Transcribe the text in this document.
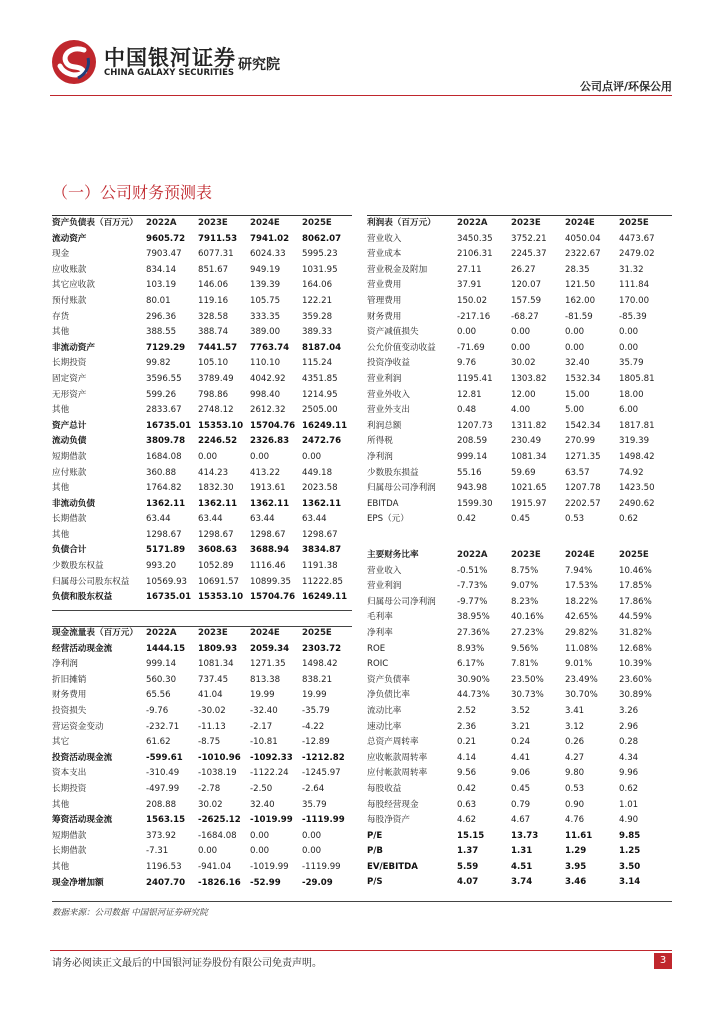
中国银河证券
CHINA GALAXY SECURITIES 研究院
公司点评/环保公用
（一）公司财务预测表
资产负债表（百万元）	2022A	2023E	2024E	2025E
流动资产	9605.72	7911.53	7941.02	8062.07
现金	7903.47	6077.31	6024.33	5995.23
应收账款	834.14	851.67	949.19	1031.95
其它应收款	103.19	146.06	139.39	164.06
预付账款	80.01	119.16	105.75	122.21
存货	296.36	328.58	333.35	359.28
其他	388.55	388.74	389.00	389.33
非流动资产	7129.29	7441.57	7763.74	8187.04
长期投资	99.82	105.10	110.10	115.24
固定资产	3596.55	3789.49	4042.92	4351.85
无形资产	599.26	798.86	998.40	1214.95
其他	2833.67	2748.12	2612.32	2505.00
资产总计	16735.01	15353.10	15704.76	16249.11
流动负债	3809.78	2246.52	2326.83	2472.76
短期借款	1684.08	0.00	0.00	0.00
应付账款	360.88	414.23	413.22	449.18
其他	1764.82	1832.30	1913.61	2023.58
非流动负债	1362.11	1362.11	1362.11	1362.11
长期借款	63.44	63.44	63.44	63.44
其他	1298.67	1298.67	1298.67	1298.67
负债合计	5171.89	3608.63	3688.94	3834.87
少数股东权益	993.20	1052.89	1116.46	1191.38
归属母公司股东权益	10569.93	10691.57	10899.35	11222.85
负债和股东权益	16735.01	15353.10	15704.76	16249.11
利润表（百万元）	2022A	2023E	2024E	2025E
营业收入	3450.35	3752.21	4050.04	4473.67
营业成本	2106.31	2245.37	2322.67	2479.02
营业税金及附加	27.11	26.27	28.35	31.32
营业费用	37.91	120.07	121.50	111.84
管理费用	150.02	157.59	162.00	170.00
财务费用	-217.16	-68.27	-81.59	-85.39
资产减值损失	0.00	0.00	0.00	0.00
公允价值变动收益	-71.69	0.00	0.00	0.00
投资净收益	9.76	30.02	32.40	35.79
营业利润	1195.41	1303.82	1532.34	1805.81
营业外收入	12.81	12.00	15.00	18.00
营业外支出	0.48	4.00	5.00	6.00
利润总额	1207.73	1311.82	1542.34	1817.81
所得税	208.59	230.49	270.99	319.39
净利润	999.14	1081.34	1271.35	1498.42
少数股东损益	55.16	59.69	63.57	74.92
归属母公司净利润	943.98	1021.65	1207.78	1423.50
EBITDA	1599.30	1915.97	2202.57	2490.62
EPS（元）	0.42	0.45	0.53	0.62
主要财务比率	2022A	2023E	2024E	2025E
营业收入	-0.51%	8.75%	7.94%	10.46%
营业利润	-7.73%	9.07%	17.53%	17.85%
归属母公司净利润	-9.77%	8.23%	18.22%	17.86%
毛利率	38.95%	40.16%	42.65%	44.59%
净利率	27.36%	27.23%	29.82%	31.82%
ROE	8.93%	9.56%	11.08%	12.68%
ROIC	6.17%	7.81%	9.01%	10.39%
资产负债率	30.90%	23.50%	23.49%	23.60%
净负债比率	44.73%	30.73%	30.70%	30.89%
流动比率	2.52	3.52	3.41	3.26
速动比率	2.36	3.21	3.12	2.96
总资产周转率	0.21	0.24	0.26	0.28
应收帐款周转率	4.14	4.41	4.27	4.34
应付帐款周转率	9.56	9.06	9.80	9.96
每股收益	0.42	0.45	0.53	0.62
每股经营现金	0.63	0.79	0.90	1.01
每股净资产	4.62	4.67	4.76	4.90
P/E	15.15	13.73	11.61	9.85
P/B	1.37	1.31	1.29	1.25
EV/EBITDA	5.59	4.51	3.95	3.50
P/S	4.07	3.74	3.46	3.14
现金流量表（百万元）	2022A	2023E	2024E	2025E
经营活动现金流	1444.15	1809.93	2059.34	2303.72
净利润	999.14	1081.34	1271.35	1498.42
折旧摊销	560.30	737.45	813.38	838.21
财务费用	65.56	41.04	19.99	19.99
投资损失	-9.76	-30.02	-32.40	-35.79
营运资金变动	-232.71	-11.13	-2.17	-4.22
其它	61.62	-8.75	-10.81	-12.89
投资活动现金流	-599.61	-1010.96	-1092.33	-1212.82
资本支出	-310.49	-1038.19	-1122.24	-1245.97
长期投资	-497.99	-2.78	-2.50	-2.64
其他	208.88	30.02	32.40	35.79
筹资活动现金流	1563.15	-2625.12	-1019.99	-1119.99
短期借款	373.92	-1684.08	0.00	0.00
长期借款	-7.31	0.00	0.00	0.00
其他	1196.53	-941.04	-1019.99	-1119.99
现金净增加额	2407.70	-1826.16	-52.99	-29.09
数据来源：公司数据 中国银河证券研究院
请务必阅读正文最后的中国银河证券股份有限公司免责声明。	3
